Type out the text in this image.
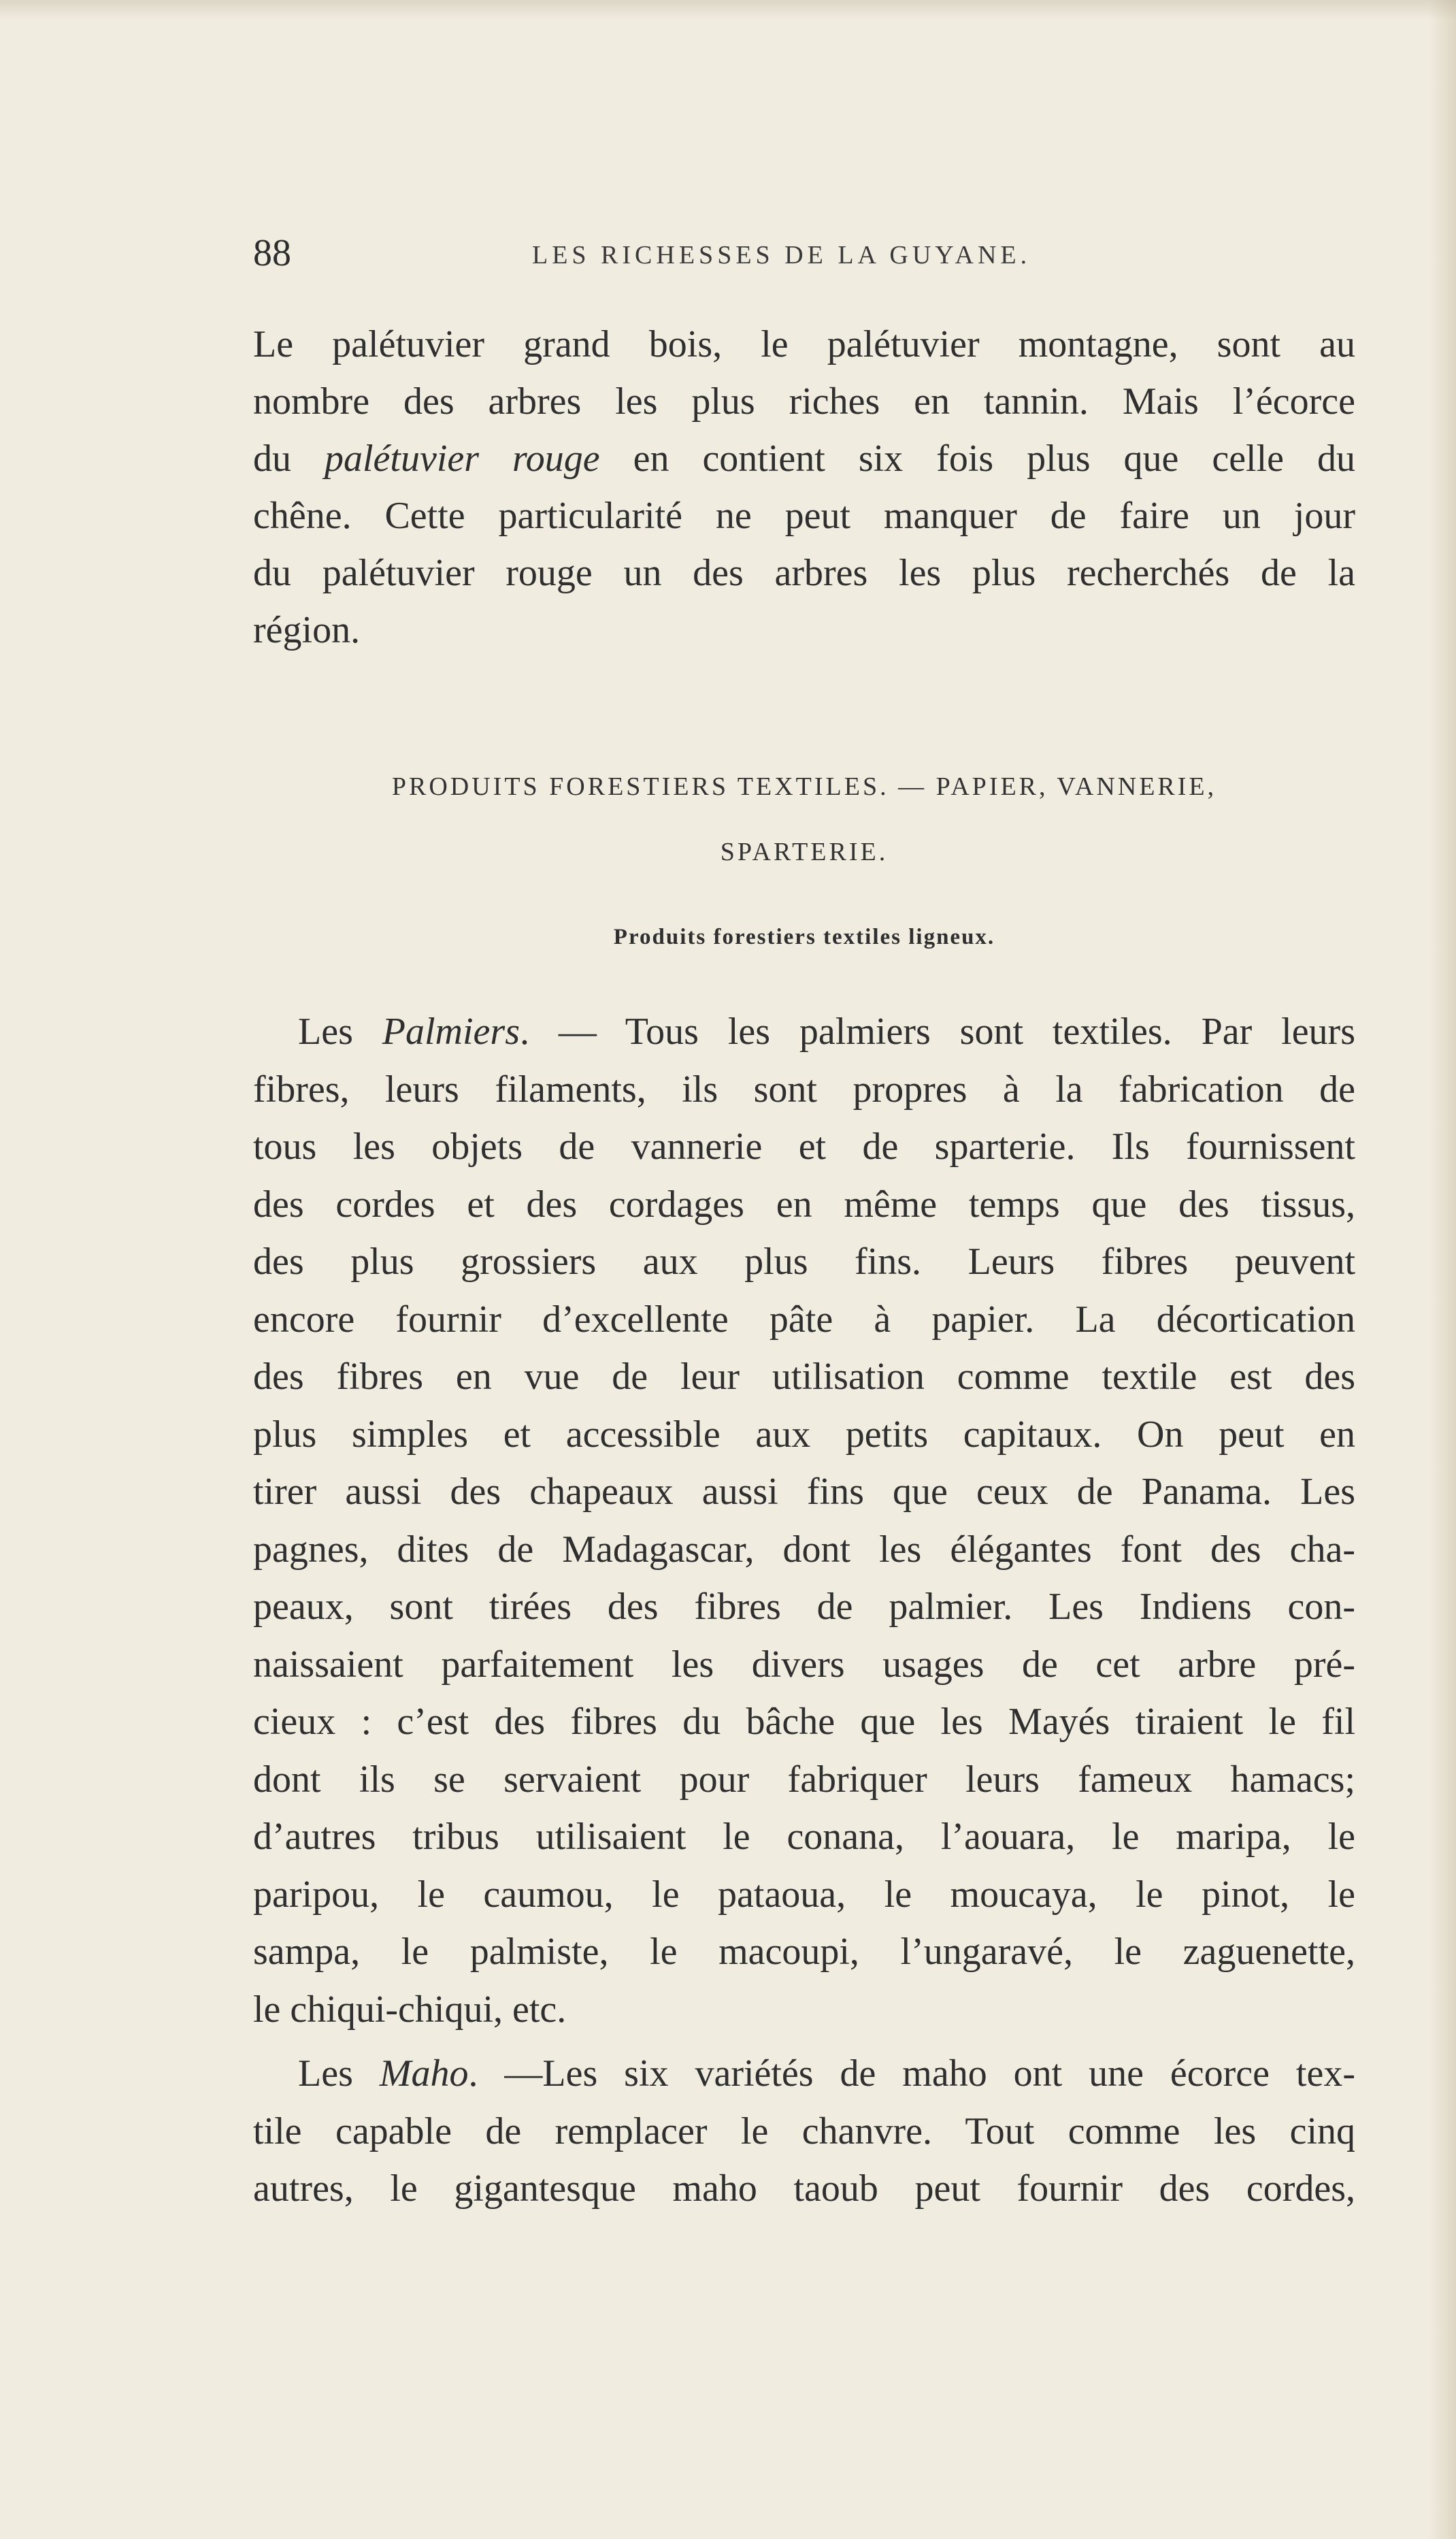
88	LES RICHESSES DE LA GUYANE.
Le palétuvier grand bois, le palétuvier montagne, sont au
nombre des arbres les plus riches en tannin. Mais l’écorce
du palétuvier rouge en contient six fois plus que celle du
chêne. Cette particularité ne peut manquer de faire un jour
du palétuvier rouge un des arbres les plus recherchés de la
région.
PRODUITS FORESTIERS TEXTILES. — PAPIER, VANNERIE,
SPARTERIE.
Produits forestiers textiles ligneux.
Les Palmiers. — Tous les palmiers sont textiles. Par leurs
fibres, leurs filaments, ils sont propres à la fabrication de
tous les objets de vannerie et de sparterie. Ils fournissent
des cordes et des cordages en même temps que des tissus,
des plus grossiers aux plus fins. Leurs fibres peuvent
encore fournir d’excellente pâte à papier. La décortication
des fibres en vue de leur utilisation comme textile est des
plus simples et accessible aux petits capitaux. On peut en
tirer aussi des chapeaux aussi fins que ceux de Panama. Les
pagnes, dites de Madagascar, dont les élégantes font des cha-
peaux, sont tirées des fibres de palmier. Les Indiens con-
naissaient parfaitement les divers usages de cet arbre pré-
cieux : c’est des fibres du bâche que les Mayés tiraient le fil
dont ils se servaient pour fabriquer leurs fameux hamacs;
d’autres tribus utilisaient le conana, l’aouara, le maripa, le
paripou, le caumou, le pataoua, le moucaya, le pinot, le
sampa, le palmiste, le macoupi, l’ungaravé, le zaguenette,
le chiqui-chiqui, etc.
Les Maho. —Les six variétés de maho ont une écorce tex-
tile capable de remplacer le chanvre. Tout comme les cinq
autres, le gigantesque maho taoub peut fournir des cordes,
